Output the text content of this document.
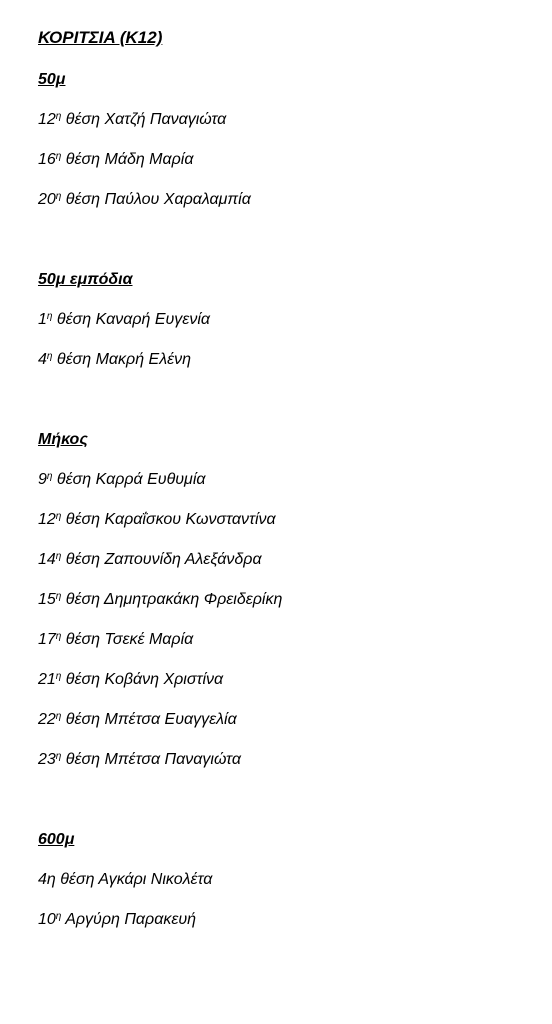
ΚΟΡΙΤΣΙΑ (Κ12)
50μ
$12^\eta$ θέση Χατζή Παναγιώτα
$16^\eta$ θέση Μάδη Μαρία
$20^\eta$ θέση Παύλου Χαραλαμπία
50μ εμπόδια
$1^\eta$ θέση Καναρή Ευγενία
$4^\eta$ θέση Μακρή Ελένη
Μήκος
$9^\eta$ θέση Καρρά Ευθυμία
$12^\eta$ θέση Καραΐσκου Κωνσταντίνα
$14^\eta$ θέση Ζαπουνίδη Αλεξάνδρα
$15^\eta$ θέση Δημητρακάκη Φρειδερίκη
$17^\eta$ θέση Τσεκέ Μαρία
$21^\eta$ θέση Κοβάνη Χριστίνα
$22^\eta$ θέση Μπέτσα Ευαγγελία
$23^\eta$ θέση Μπέτσα Παναγιώτα
600μ
4η θέση Αγκάρι Νικολέτα
$10^\eta$ Αργύρη Παρακευή
